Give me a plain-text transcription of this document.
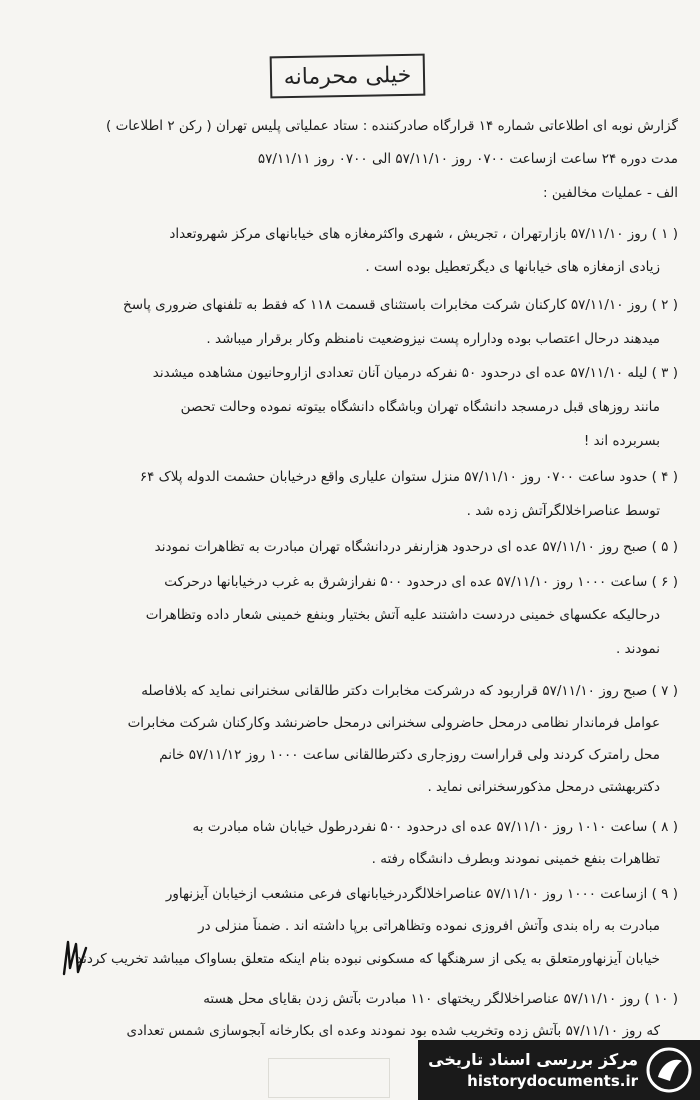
خیلی محرمانه
گزارش نوبه ای اطلاعاتی شماره ۱۴ قرارگاه صادرکننده : ستاد عملیاتی پلیس تهران ( رکن ۲ اطلاعات )
مدت دوره ۲۴ ساعت ازساعت ۰۷۰۰ روز ۵۷/۱۱/۱۰ الی ۰۷۰۰ روز ۵۷/۱۱/۱۱
الف - عملیات مخالفین :
( ۱ ) روز ۵۷/۱۱/۱۰ بازارتهران ، تجریش ، شهری واکثرمغازه های خیابانهای مرکز شهروتعداد
زیادی ازمغازه های خیابانها ی دیگرتعطیل بوده است .
( ۲ ) روز ۵۷/۱۱/۱۰ کارکنان شرکت مخابرات باستثنای قسمت ۱۱۸ که فقط به تلفنهای ضروری پاسخ
میدهند درحال اعتصاب بوده وداراره پست نیزوضعیت نامنظم وکار برقرار میباشد .
( ۳ ) لیله ۵۷/۱۱/۱۰ عده ای درحدود ۵۰ نفرکه درمیان آنان تعدادی ازاروحانیون مشاهده میشدند
مانند روزهای قبل درمسجد دانشگاه تهران وباشگاه دانشگاه بیتوته نموده وحالت تحصن
بسربرده اند !
( ۴ ) حدود ساعت ۰۷۰۰ روز ۵۷/۱۱/۱۰ منزل ستوان علیاری واقع درخیابان حشمت الدوله پلاک ۶۴
توسط عناصراخلالگرآتش زده شد .
( ۵ ) صبح روز ۵۷/۱۱/۱۰ عده ای درحدود هزارنفر دردانشگاه تهران مبادرت به تظاهرات نمودند
( ۶ ) ساعت ۱۰۰۰ روز ۵۷/۱۱/۱۰ عده ای درحدود ۵۰۰ نفرازشرق به غرب درخیابانها درحرکت
درحالیکه عکسهای خمینی دردست داشتند علیه آتش بختیار وبنفع خمینی شعار داده وتظاهرات
نمودند .
( ۷ ) صبح روز ۵۷/۱۱/۱۰ قراربود که درشرکت مخابرات دکتر طالقانی سخنرانی نماید که بلافاصله
عوامل فرماندار نظامی درمحل حاضرولی سخنرانی درمحل حاضرنشد وکارکنان شرکت مخابرات
محل رامترک کردند ولی قراراست روزجاری دکترطالقانی ساعت ۱۰۰۰ روز ۵۷/۱۱/۱۲ خانم
دکتربهشتی درمحل مذکورسخنرانی نماید .
( ۸ ) ساعت ۱۰۱۰ روز ۵۷/۱۱/۱۰ عده ای درحدود ۵۰۰ نفردرطول خیابان شاه مبادرت به
تظاهرات بنفع خمینی نمودند وبطرف دانشگاه رفته .
( ۹ ) ازساعت ۱۰۰۰ روز ۵۷/۱۱/۱۰ عناصراخلالگردرخیابانهای فرعی منشعب ازخیابان آیزنهاور
مبادرت به راه بندی وآتش افروزی نموده وتظاهراتی برپا داشته اند . ضمناً منزلی در
خیابان آیزنهاورمتعلق به یکی از سرهنگها که مسکونی نبوده بنام اینکه متعلق بساواک میباشد تخریب کردند .
( ۱۰ ) روز ۵۷/۱۱/۱۰ عناصراخلالگر ریختهای ۱۱۰ مبادرت بآتش زدن بقایای محل هسته
که روز ۵۷/۱۱/۱۰ بآتش زده وتخریب شده بود نمودند وعده ای بکارخانه آبجوسازی شمس تعدادی
مرکز بررسی اسناد تاریخی
historydocuments.ir
